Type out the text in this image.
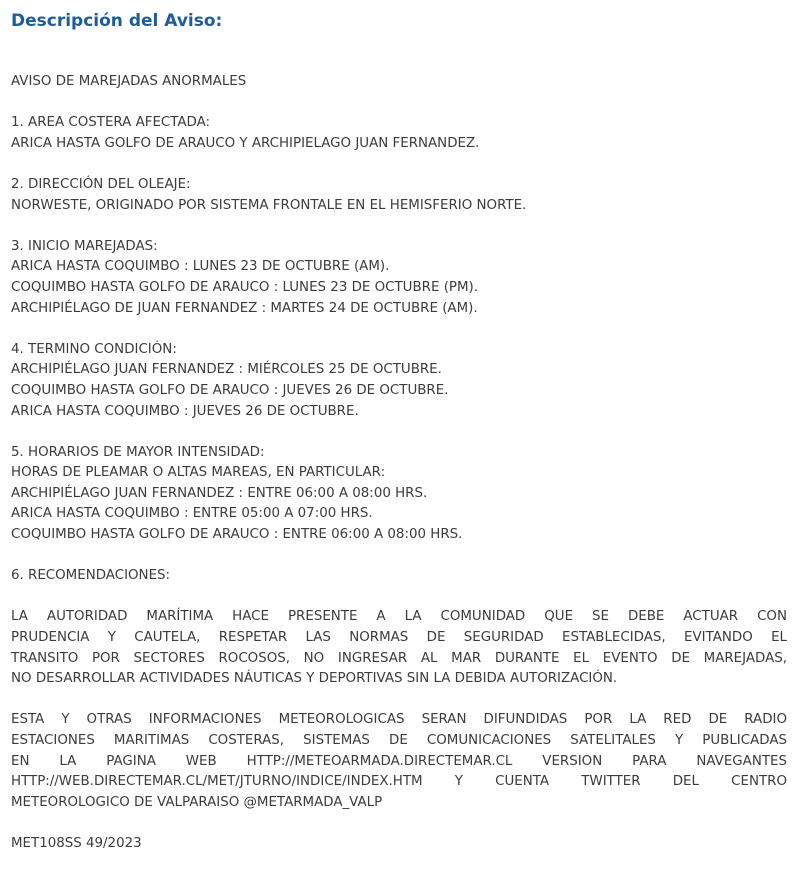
Descripción del Aviso:
AVISO DE MAREJADAS ANORMALES
1. AREA COSTERA AFECTADA:
ARICA HASTA GOLFO DE ARAUCO Y ARCHIPIELAGO JUAN FERNANDEZ.
2. DIRECCIÓN DEL OLEAJE:
NORWESTE, ORIGINADO POR SISTEMA FRONTALE EN EL HEMISFERIO NORTE.
3. INICIO MAREJADAS:
ARICA HASTA COQUIMBO : LUNES 23 DE OCTUBRE (AM).
COQUIMBO HASTA GOLFO DE ARAUCO : LUNES 23 DE OCTUBRE (PM).
ARCHIPIÉLAGO DE JUAN FERNANDEZ : MARTES 24 DE OCTUBRE (AM).
4. TERMINO CONDICIÓN:
ARCHIPIÉLAGO JUAN FERNANDEZ : MIÉRCOLES 25 DE OCTUBRE.
COQUIMBO HASTA GOLFO DE ARAUCO : JUEVES 26 DE OCTUBRE.
ARICA HASTA COQUIMBO : JUEVES 26 DE OCTUBRE.
5. HORARIOS DE MAYOR INTENSIDAD:
HORAS DE PLEAMAR O ALTAS MAREAS, EN PARTICULAR:
ARCHIPIÉLAGO JUAN FERNANDEZ : ENTRE 06:00 A 08:00 HRS.
ARICA HASTA COQUIMBO : ENTRE 05:00 A 07:00 HRS.
COQUIMBO HASTA GOLFO DE ARAUCO : ENTRE 06:00 A 08:00 HRS.
6. RECOMENDACIONES:
LA AUTORIDAD MARÍTIMA HACE PRESENTE A LA COMUNIDAD QUE SE DEBE ACTUAR CON
PRUDENCIA Y CAUTELA, RESPETAR LAS NORMAS DE SEGURIDAD ESTABLECIDAS, EVITANDO EL
TRANSITO POR SECTORES ROCOSOS, NO INGRESAR AL MAR DURANTE EL EVENTO DE MAREJADAS,
NO DESARROLLAR ACTIVIDADES NÁUTICAS Y DEPORTIVAS SIN LA DEBIDA AUTORIZACIÓN.
ESTA Y OTRAS INFORMACIONES METEOROLOGICAS SERAN DIFUNDIDAS POR LA RED DE RADIO
ESTACIONES MARITIMAS COSTERAS, SISTEMAS DE COMUNICACIONES SATELITALES Y PUBLICADAS
EN LA PAGINA WEB HTTP://METEOARMADA.DIRECTEMAR.CL VERSION PARA NAVEGANTES
HTTP://WEB.DIRECTEMAR.CL/MET/JTURNO/INDICE/INDEX.HTM Y CUENTA TWITTER DEL CENTRO
METEOROLOGICO DE VALPARAISO @METARMADA_VALP
MET108SS 49/2023
